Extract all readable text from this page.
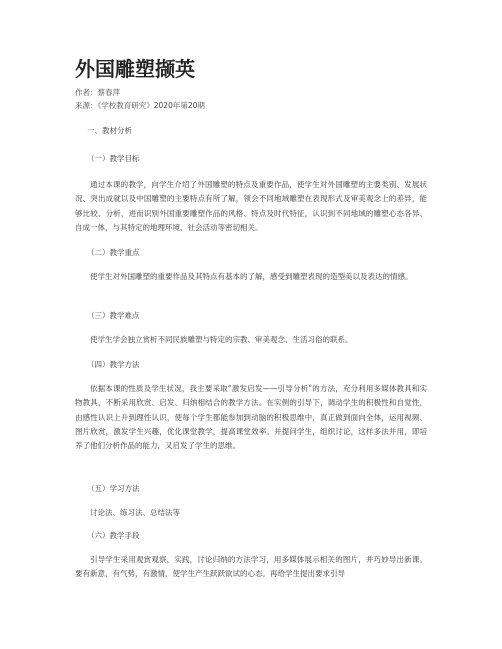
外国雕塑撷英
作者：蔡春萍
来源：《学校教育研究》2020年第20期
一、教材分析
（一）教学目标

通过本课的教学，向学生介绍了外国雕塑的特点及重要作品，使学生对外国雕塑的主要类别、发展状况、突出成就以及中国雕塑的主要特点有所了解，领会不同地域雕塑在表现形式及审美观念上的差异，能够比较、分析，进而识别外国重要雕塑作品的风格、特点及时代特征，认识到不同地域的雕塑心态各异、自成一体，与其特定的地理环境、社会活动等密切相关。

（二）教学重点

使学生对外国雕塑的重要作品及其特点有基本的了解，感受到雕塑表现的造型美以及表达的情感。

（三）教学难点

使学生学会独立赏析不同民族雕塑与特定的宗教、审美观念、生活习俗的联系。

（四）教学方法

依据本课的性质及学生状况，我主要采取“激发启发——引导分析”的方法，充分利用多媒体教具和实物教具，不断采用欣赏、启发、归纳相结合的教学方法。在实例的引导下，调动学生的积极性和自觉性，由感性认识上升到理性认识，使每个学生都能参加到动脑的积极思维中，真正做到面向全体，运用视频、图片欣赏，激发学生兴趣，优化课堂教学，提高课堂效率。并提问学生，组织讨论，这样多法并用，即培养了他们分析作品的能力，又启发了学生的思维。

（五）学习方法

讨论法、练习法、总结法等

（六）教学手段

引导学生采用观赏观察，实践，讨论归纳的方法学习，用多媒体展示相关的图片，并巧妙导出新课。要有新意，有气势，有激情，使学生产生跃跃欲试的心态。再给学生提出要求引导
